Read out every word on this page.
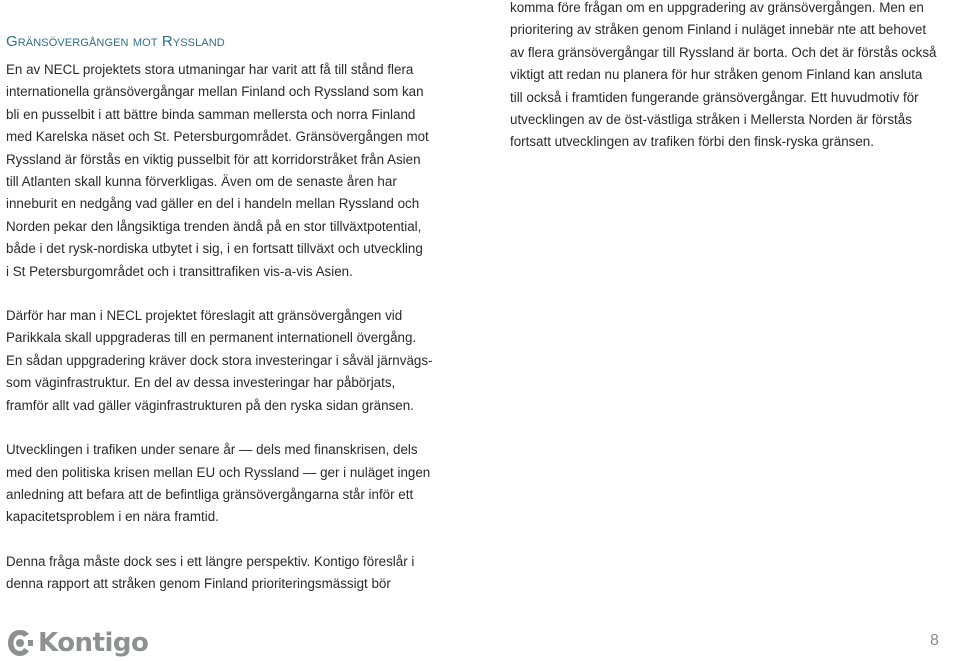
Gränsövergången mot Ryssland

En av NECL projektets stora utmaningar har varit att få till stånd flera
internationella gränsövergångar mellan Finland och Ryssland som kan
bli en pusselbit i att bättre binda samman mellersta och norra Finland
med Karelska näset och St. Petersburgområdet. Gränsövergången mot
Ryssland är förstås en viktig pusselbit för att korridorstråket från Asien
till Atlanten skall kunna förverkligas. Även om de senaste åren har
inneburit en nedgång vad gäller en del i handeln mellan Ryssland och
Norden pekar den långsiktiga trenden ändå på en stor tillväxtpotential,
både i det rysk-nordiska utbytet i sig, i en fortsatt tillväxt och utveckling
i St Petersburgområdet och i transittrafiken vis-a-vis Asien.

Därför har man i NECL projektet föreslagit att gränsövergången vid
Parikkala skall uppgraderas till en permanent internationell övergång.
En sådan uppgradering kräver dock stora investeringar i såväl järnvägs-
som väginfrastruktur. En del av dessa investeringar har påbörjats,
framför allt vad gäller väginfrastrukturen på den ryska sidan gränsen.

Utvecklingen i trafiken under senare år — dels med finanskrisen, dels
med den politiska krisen mellan EU och Ryssland — ger i nuläget ingen
anledning att befara att de befintliga gränsövergångarna står inför ett
kapacitetsproblem i en nära framtid.

Denna fråga måste dock ses i ett längre perspektiv. Kontigo föreslår i
denna rapport att stråken genom Finland prioriteringsmässigt bör

komma före frågan om en uppgradering av gränsövergången. Men en
prioritering av stråken genom Finland i nuläget innebär nte att behovet
av flera gränsövergångar till Ryssland är borta. Och det är förstås också
viktigt att redan nu planera för hur stråken genom Finland kan ansluta
till också i framtiden fungerande gränsövergångar. Ett huvudmotiv för
utvecklingen av de öst-västliga stråken i Mellersta Norden är förstås
fortsatt utvecklingen av trafiken förbi den finsk-ryska gränsen.

Kontigo	8
